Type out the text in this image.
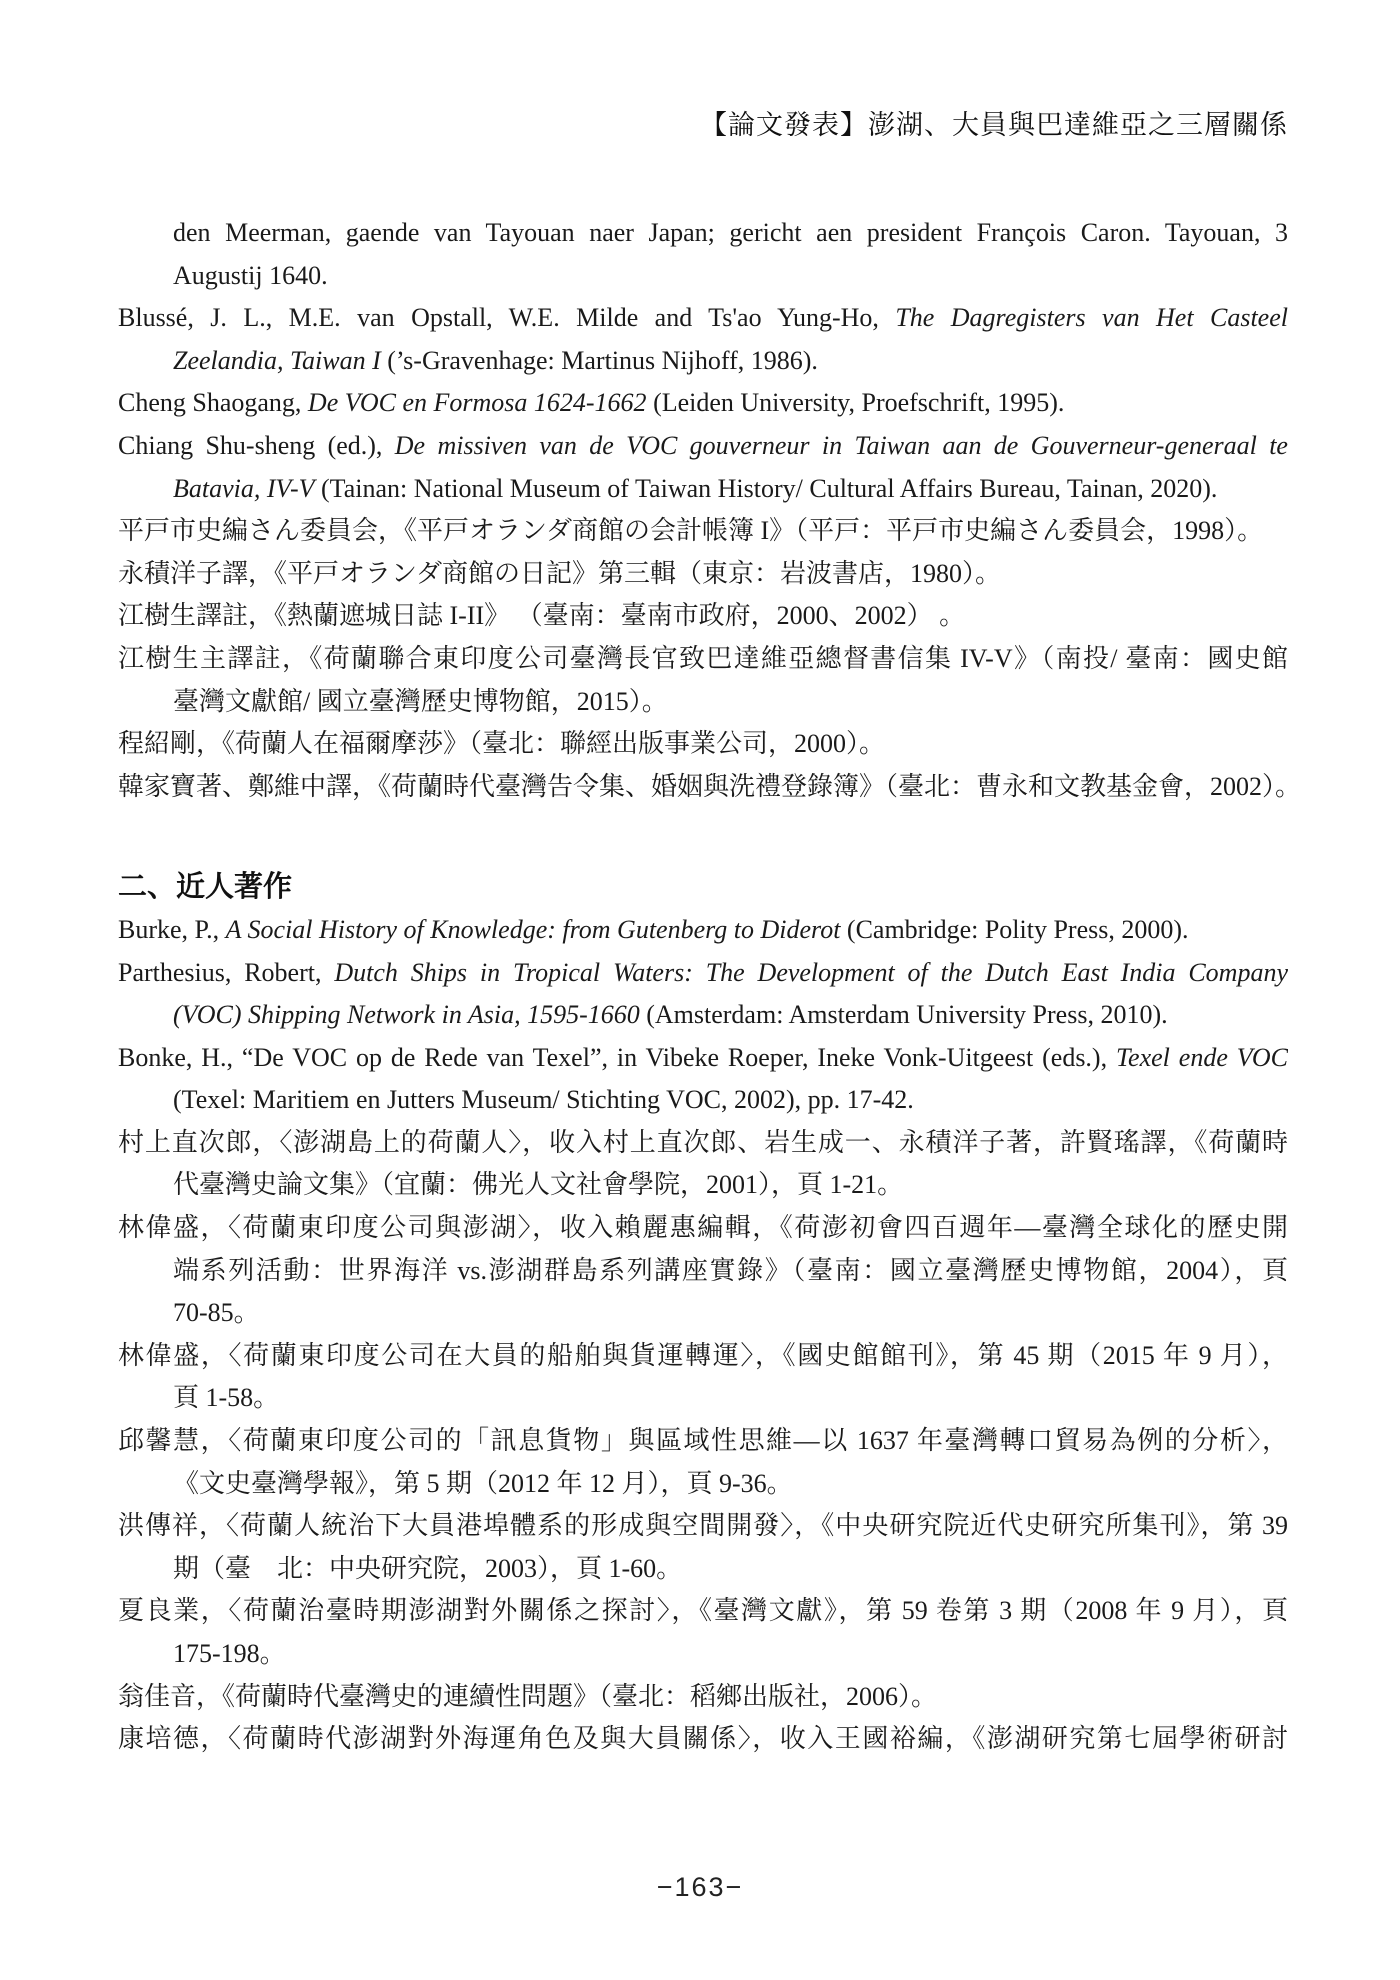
【論文發表】澎湖、大員與巴達維亞之三層關係
den Meerman, gaende van Tayouan naer Japan; gericht aen president François Caron. Tayouan, 3
Augustij 1640.
Blussé, J. L., M.E. van Opstall, W.E. Milde and Ts'ao Yung-Ho, The Dagregisters van Het Casteel
Zeelandia, Taiwan I (’s-Gravenhage: Martinus Nijhoff, 1986).
Cheng Shaogang, De VOC en Formosa 1624-1662 (Leiden University, Proefschrift, 1995).
Chiang Shu-sheng (ed.), De missiven van de VOC gouverneur in Taiwan aan de Gouverneur-generaal te
Batavia, IV-V (Tainan: National Museum of Taiwan History/ Cultural Affairs Bureau, Tainan, 2020).
平戸市史編さん委員会，《平戸オランダ商館の会計帳簿 I》（平戸：平戸市史編さん委員会，1998）。
永積洋子譯，《平戸オランダ商館の日記》第三輯（東京：岩波書店，1980）。
江樹生譯註，《熱蘭遮城日誌 I-II》 （臺南：臺南市政府，2000、2002） 。
江樹生主譯註，《荷蘭聯合東印度公司臺灣長官致巴達維亞總督書信集 IV-V》（南投/ 臺南：國史館
臺灣文獻館/ 國立臺灣歷史博物館，2015）。
程紹剛，《荷蘭人在福爾摩莎》（臺北：聯經出版事業公司，2000）。
韓家寶著、鄭維中譯，《荷蘭時代臺灣告令集、婚姻與洗禮登錄簿》（臺北：曹永和文教基金會，2002）。
二、近人著作
Burke, P., A Social History of Knowledge: from Gutenberg to Diderot (Cambridge: Polity Press, 2000).
Parthesius, Robert, Dutch Ships in Tropical Waters: The Development of the Dutch East India Company
(VOC) Shipping Network in Asia, 1595-1660 (Amsterdam: Amsterdam University Press, 2010).
Bonke, H., “De VOC op de Rede van Texel”, in Vibeke Roeper, Ineke Vonk-Uitgeest (eds.), Texel ende VOC
(Texel: Maritiem en Jutters Museum/ Stichting VOC, 2002), pp. 17-42.
村上直次郎，〈澎湖島上的荷蘭人〉，收入村上直次郎、岩生成一、永積洋子著，許賢瑤譯，《荷蘭時
代臺灣史論文集》（宜蘭：佛光人文社會學院，2001），頁 1-21。
林偉盛，〈荷蘭東印度公司與澎湖〉，收入賴麗惠編輯，《荷澎初會四百週年—臺灣全球化的歷史開
端系列活動：世界海洋 vs.澎湖群島系列講座實錄》（臺南：國立臺灣歷史博物館，2004），頁
70-85。
林偉盛，〈荷蘭東印度公司在大員的船舶與貨運轉運〉，《國史館館刊》，第 45 期（2015 年 9 月），
頁 1-58。
邱馨慧，〈荷蘭東印度公司的「訊息貨物」與區域性思維—以 1637 年臺灣轉口貿易為例的分析〉，
《文史臺灣學報》，第 5 期（2012 年 12 月），頁 9-36。
洪傳祥，〈荷蘭人統治下大員港埠體系的形成與空間開發〉，《中央研究院近代史研究所集刊》，第 39
期（臺　北：中央研究院，2003），頁 1-60。
夏良業，〈荷蘭治臺時期澎湖對外關係之探討〉，《臺灣文獻》，第 59 卷第 3 期（2008 年 9 月），頁
175-198。
翁佳音，《荷蘭時代臺灣史的連續性問題》（臺北：稻鄉出版社，2006）。
康培德，〈荷蘭時代澎湖對外海運角色及與大員關係〉，收入王國裕編，《澎湖研究第七屆學術研討
−163−
